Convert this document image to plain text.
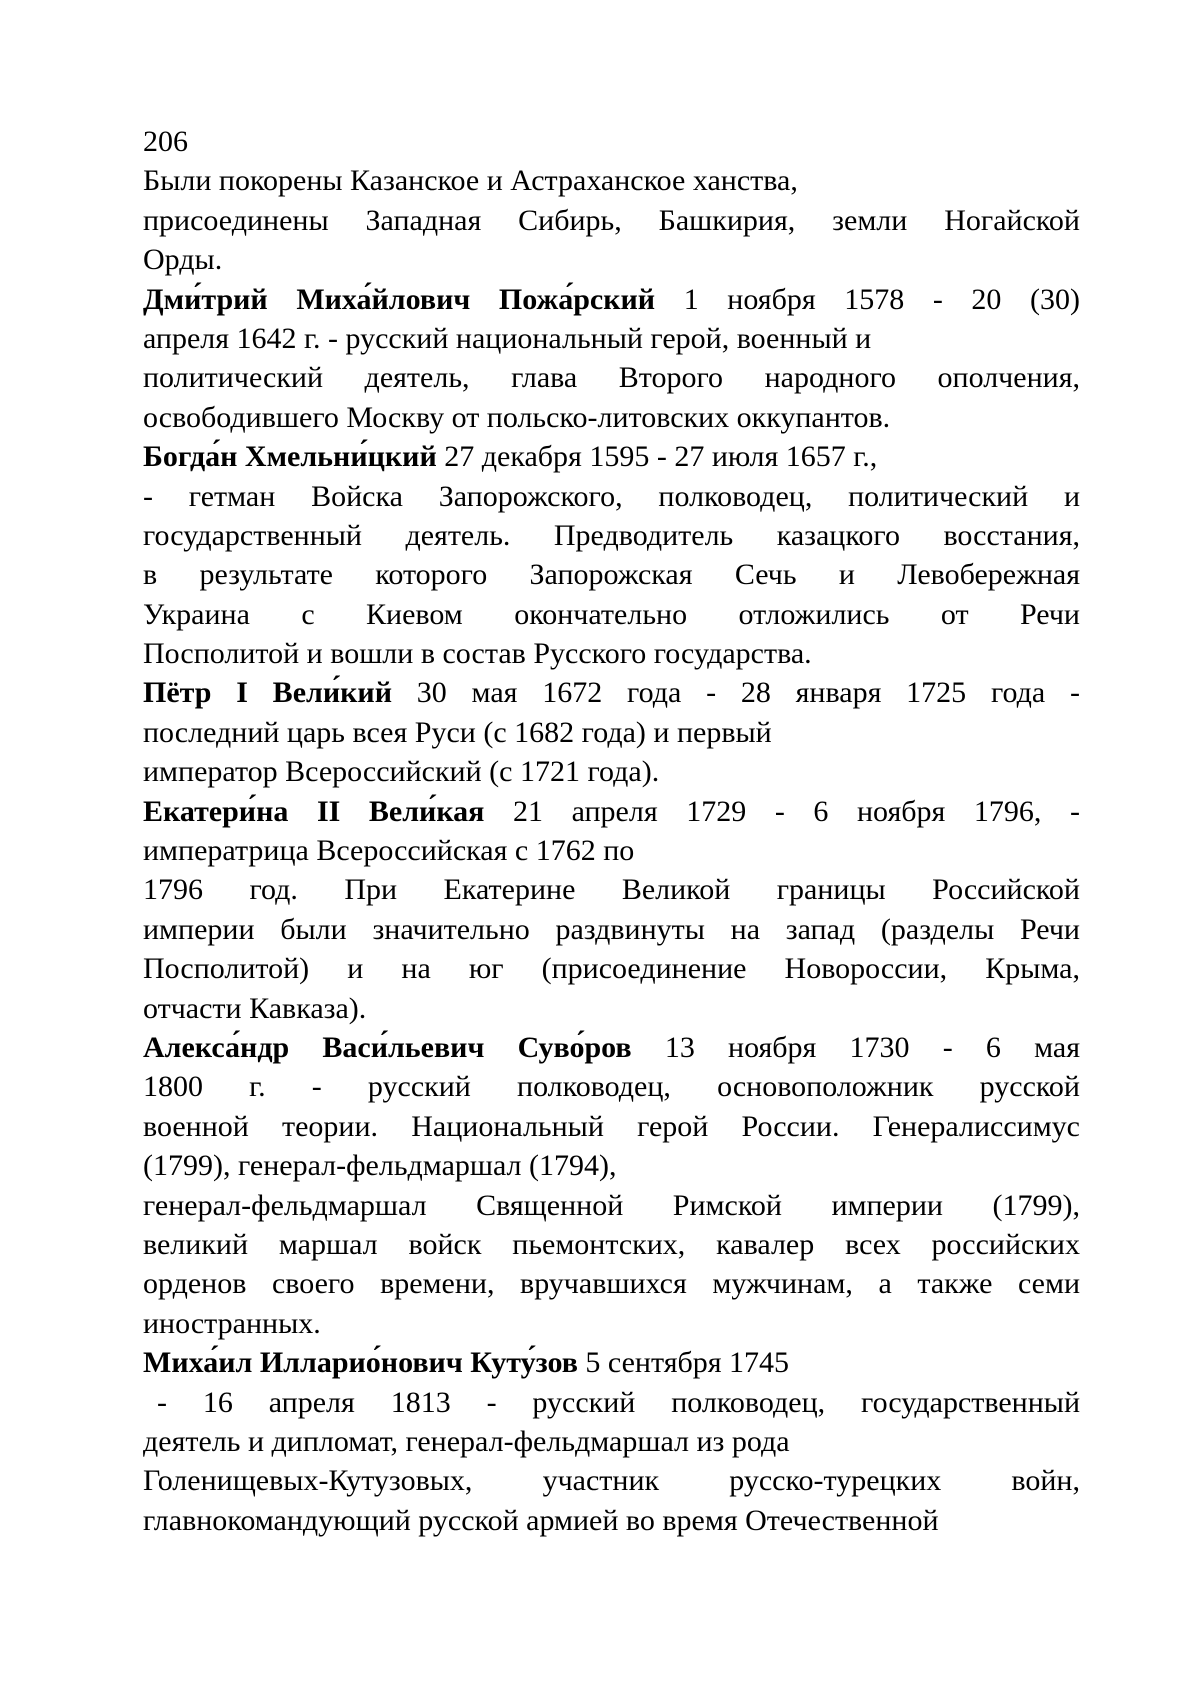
206
Были покорены Казанское и Астраханское ханства,
присоединены Западная Сибирь, Башкирия, земли Ногайской
Орды.
Дми́трий Миха́йлович Пожа́рский 1 ноября 1578 - 20 (30)
апреля 1642 г. - русский национальный герой, военный и
политический деятель, глава Второго народного ополчения,
освободившего Москву от польско-литовских оккупантов.
Богда́н Хмельни́цкий 27 декабря 1595 - 27 июля 1657 г.,
- гетман Войска Запорожского, полководец, политический и
государственный деятель. Предводитель казацкого восстания,
в результате которого Запорожская Сечь и Левобережная
Украина с Киевом окончательно отложились от Речи
Посполитой и вошли в состав Русского государства.
Пётр I Вели́кий 30 мая 1672 года - 28 января 1725 года -
последний царь всея Руси (с 1682 года) и первый
император Всероссийский (с 1721 года).
Екатери́на II Вели́кая 21 апреля 1729 - 6 ноября 1796, -
императрица Всероссийская с 1762 по
1796 год. При Екатерине Великой границы Российской
империи были значительно раздвинуты на запад (разделы Речи
Посполитой) и на юг (присоединение Новороссии, Крыма,
отчасти Кавказа).
Алекса́ндр Васи́льевич Суво́ров 13 ноября 1730 - 6 мая
1800 г. - русский полководец, основоположник русской
военной теории. Национальный герой России. Генералиссимус
(1799), генерал-фельдмаршал (1794),
генерал-фельдмаршал Священной Римской империи (1799),
великий маршал войск пьемонтских, кавалер всех российских
орденов своего времени, вручавшихся мужчинам, а также семи
иностранных.
Миха́ил Илларио́нович Куту́зов 5 сентября 1745
- 16 апреля 1813 - русский полководец, государственный
деятель и дипломат, генерал-фельдмаршал из рода
Голенищевых-Кутузовых, участник русско-турецких войн,
главнокомандующий русской армией во время Отечественной
